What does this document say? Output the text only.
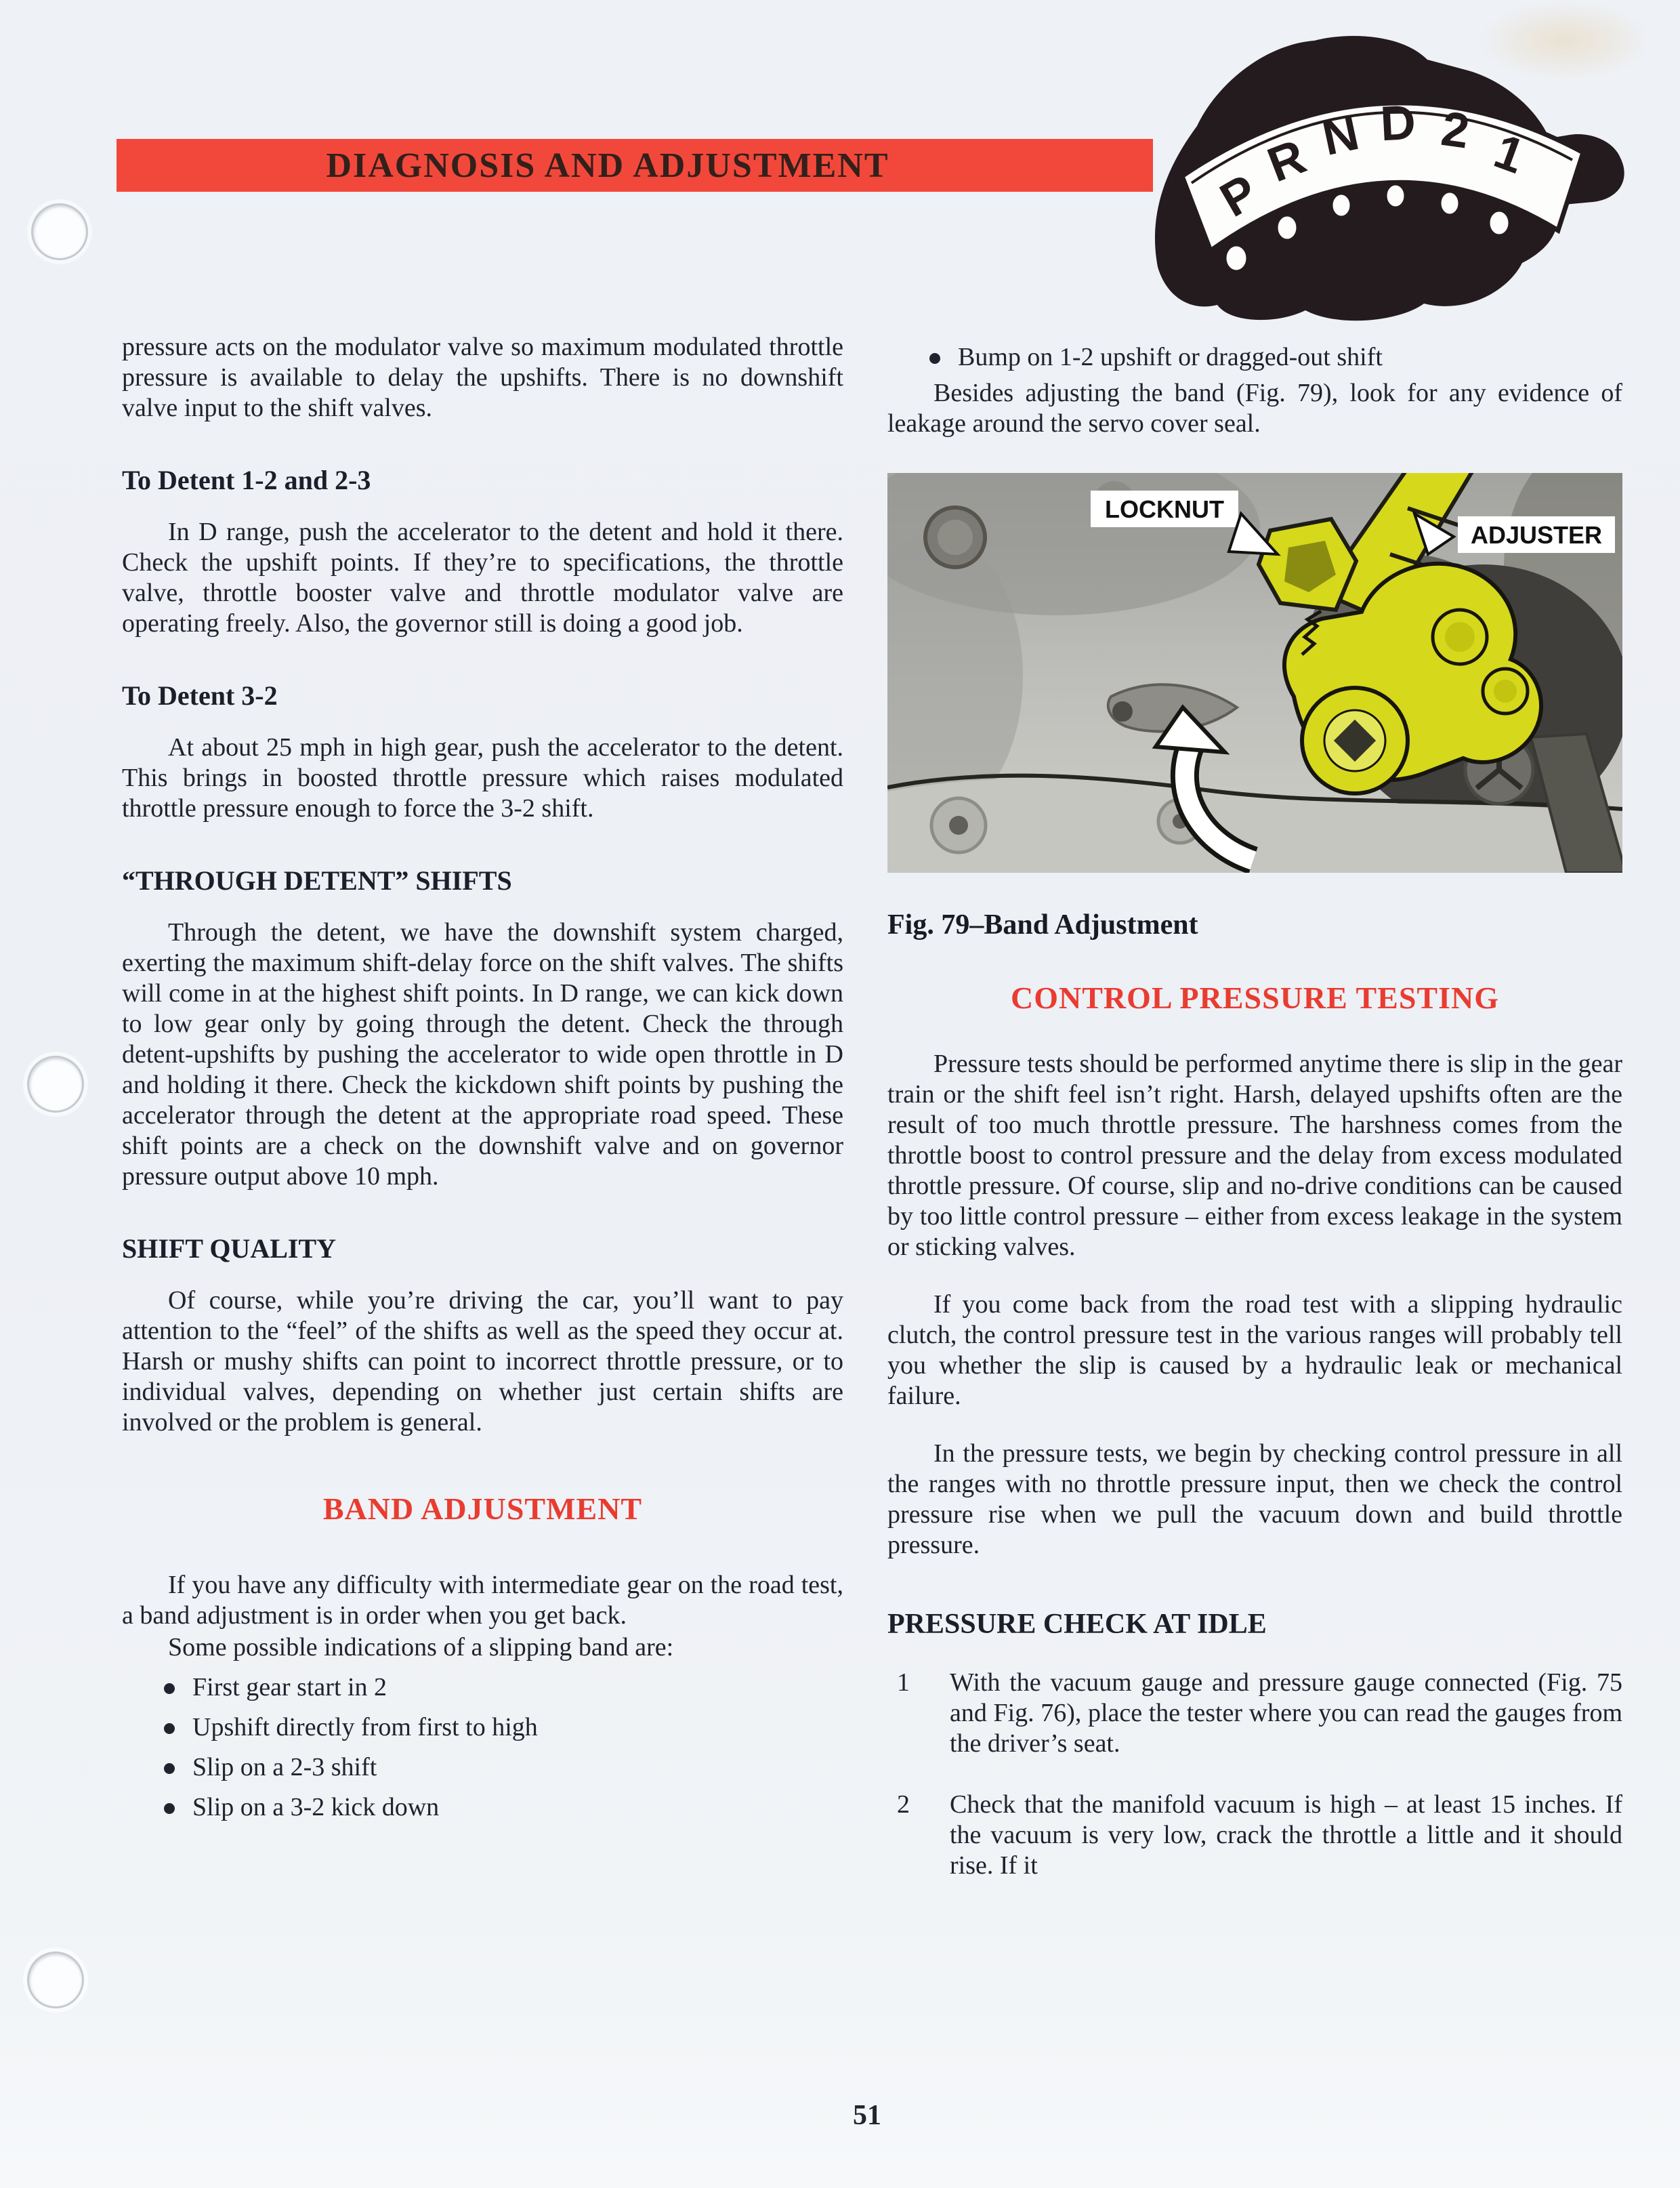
DIAGNOSIS AND ADJUSTMENT	P
R N D 2 1

pressure acts on the modulator valve so maximum modulated throttle pressure is available to delay the upshifts. There is no downshift valve input to the shift valves.

To Detent 1-2 and 2-3

In D range, push the accelerator to the detent and hold it there. Check the upshift points. If they’re to specifications, the throttle valve, throttle booster valve and throttle modulator valve are operating freely. Also, the governor still is doing a good job.

To Detent 3-2

At about 25 mph in high gear, push the accelerator to the detent. This brings in boosted throttle pressure which raises modulated throttle pressure enough to force the 3-2 shift.

“THROUGH DETENT” SHIFTS

Through the detent, we have the downshift system charged, exerting the maximum shift-delay force on the shift valves. The shifts will come in at the highest shift points. In D range, we can kick down to low gear only by going through the detent. Check the through detent-upshifts by pushing the accelerator to wide open throttle in D and holding it there. Check the kickdown shift points by pushing the accelerator through the detent at the appropriate road speed. These shift points are a check on the downshift valve and on governor pressure output above 10 mph.

SHIFT QUALITY

Of course, while you’re driving the car, you’ll want to pay attention to the “feel” of the shifts as well as the speed they occur at. Harsh or mushy shifts can point to incorrect throttle pressure, or to individual valves, depending on whether just certain shifts are involved or the problem is general.

BAND ADJUSTMENT

If you have any difficulty with intermediate gear on the road test, a band adjustment is in order when you get back.

Some possible indications of a slipping band are:

First gear start in 2
Upshift directly from first to high
Slip on a 2-3 shift
Slip on a 3-2 kick down
Bump on 1-2 upshift or dragged-out shift

Besides adjusting the band (Fig. 79), look for any evidence of leakage around the servo cover seal.

LOCKNUT
ADJUSTER
Fig. 79–Band Adjustment
CONTROL PRESSURE TESTING

Pressure tests should be performed anytime there is slip in the gear train or the shift feel isn’t right. Harsh, delayed upshifts often are the result of too much throttle pressure. The harshness comes from the throttle boost to control pressure and the delay from excess modulated throttle pressure. Of course, slip and no-drive conditions can be caused by too little control pressure – either from excess leakage in the system or sticking valves.

If you come back from the road test with a slipping hydraulic clutch, the control pressure test in the various ranges will probably tell you whether the slip is caused by a hydraulic leak or mechanical failure.

In the pressure tests, we begin by checking control pressure in all the ranges with no throttle pressure input, then we check the control pressure rise when we pull the vacuum down and build throttle pressure.

PRESSURE CHECK AT IDLE
1	With the vacuum gauge and pressure gauge connected (Fig. 75 and Fig. 76), place the tester where you can read the gauges from the driver’s seat.

2	Check that the manifold vacuum is high – at least 15 inches. If the vacuum is very low, crack the throttle a little and it should rise. If it

51
